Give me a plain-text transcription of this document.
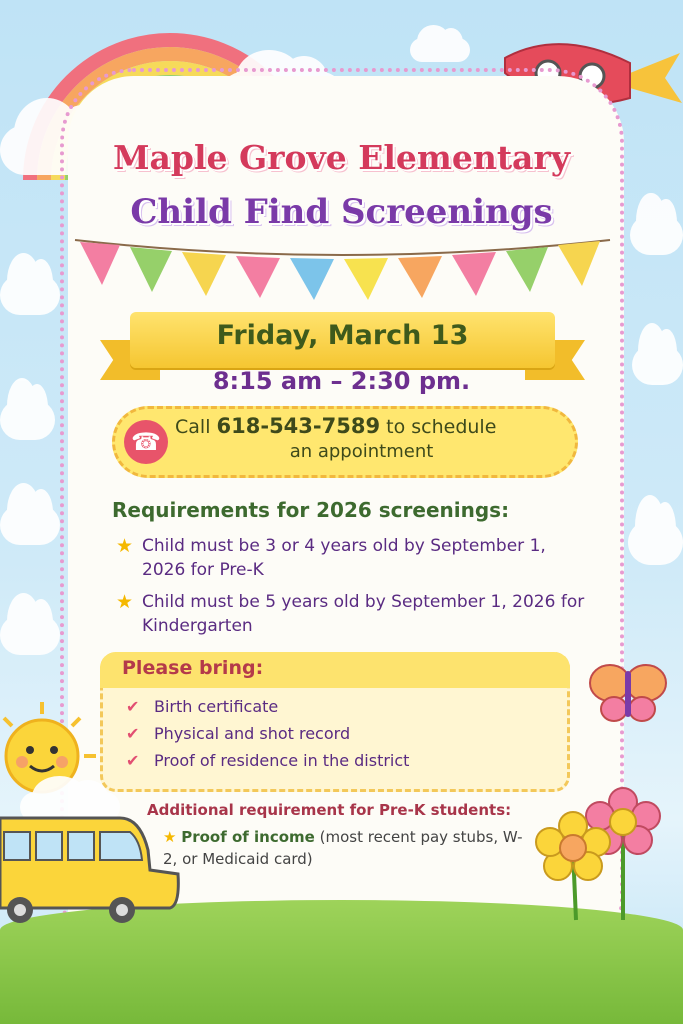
Maple Grove Elementary
Child Find Screenings
Friday, March 13
8:15 am – 2:30 pm.
☎
Call 618-543-7589 to schedule
an appointment
Requirements for 2026 screenings:
★ Child must be 3 or 4 years old by September 1, 2026 for Pre-K
★ Child must be 5 years old by September 1, 2026 for Kindergarten
Please bring:
✔ Birth certificate
✔ Physical and shot record
✔ Proof of residence in the district
Additional requirement for Pre-K students:
★ Proof of income (most recent pay stubs, W-2, or Medicaid card)
